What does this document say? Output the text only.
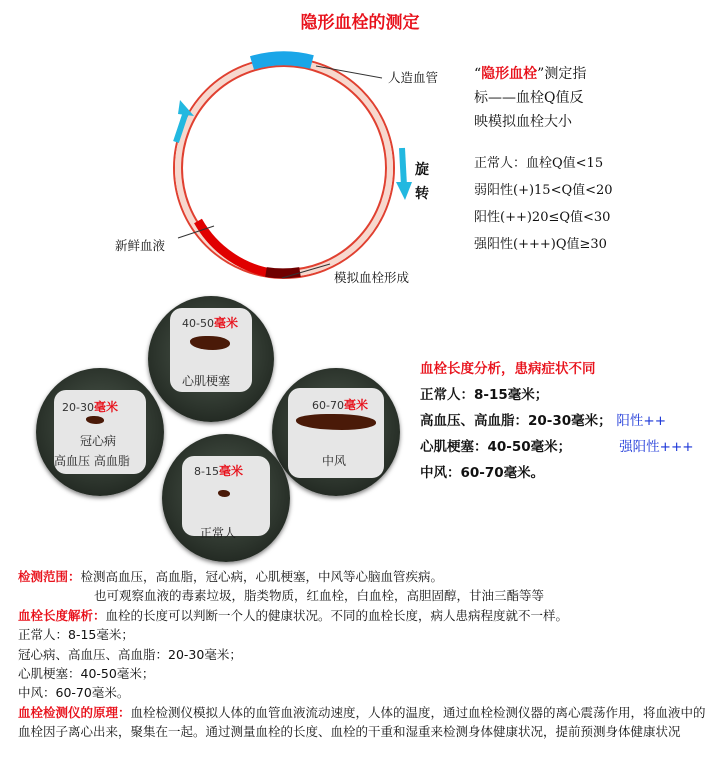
隐形血栓的测定
人造血管
旋转
新鲜血液
模拟血栓形成
“隐形血栓”测定指
标——血栓Q值反
映模拟血栓大小
正常人：血栓Q值<15
弱阳性(+)15<Q值<20
阳性(++)20≤Q值<30
强阳性(+++)Q值≥30
40-50毫米
心肌梗塞
20-30毫米
冠心病
高血压 高血脂
60-70毫米
中风
8-15毫米
正常人
血栓长度分析，患病症状不同
正常人：8-15毫米；
高血压、高血脂：20-30毫米； 阳性++
心肌梗塞：40-50毫米；	强阳性+++
中风：60-70毫米。

检测范围：检测高血压，高血脂，冠心病，心肌梗塞，中风等心脑血管疾病。

也可观察血液的毒素垃圾，脂类物质，红血栓，白血栓，高胆固醇，甘油三酯等等

血栓长度解析：血栓的长度可以判断一个人的健康状况。不同的血栓长度，病人患病程度就不一样。

正常人：8-15毫米；

冠心病、高血压、高血脂：20-30毫米；

心肌梗塞：40-50毫米；

中风：60-70毫米。

血栓检测仪的原理：血栓检测仪模拟人体的血管血液流动速度，人体的温度，通过血栓检测仪器的离心震荡作用，将血液中的血栓因子离心出来，聚集在一起。通过测量血栓的长度、血栓的干重和湿重来检测身体健康状况，提前预测身体健康状况
